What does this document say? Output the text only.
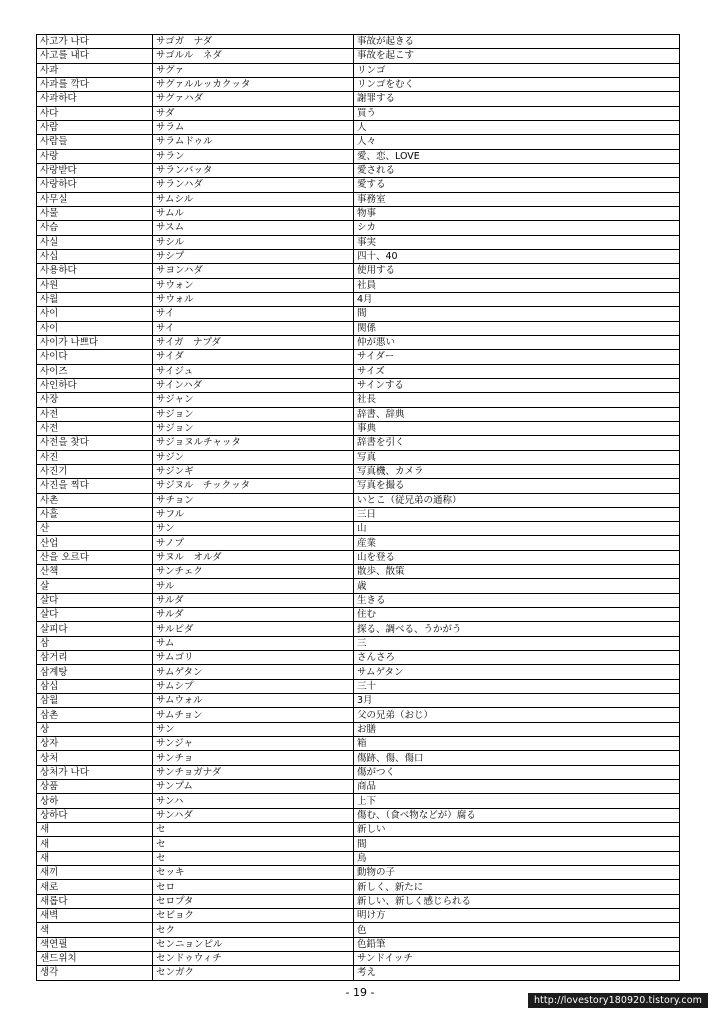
사고가 나다	サゴガ　ナダ	事故が起きる
사고를 내다	サゴルル　ネダ	事故を起こす
사과	サグァ	リンゴ
사과를 깍다	サグァルルッカクッタ	リンゴをむく
사과하다	サグァハダ	謝罪する
사다	サダ	買う
사람	サラム	人
사람들	サラムドゥル	人々
사랑	サラン	愛、恋、LOVE
사랑받다	サランバッタ	愛される
사랑하다	サランハダ	愛する
사무실	サムシル	事務室
사물	サムル	物事
사슴	サスム	シカ
사실	サシル	事実
사십	サシプ	四十、40
사용하다	サヨンハダ	使用する
사원	サウォン	社員
사월	サウォル	4月
사이	サイ	間
사이	サイ	関係
사이가 나쁘다	サイガ　ナプダ	仲が悪い
사이다	サイダ	サイダー
사이즈	サイジュ	サイズ
사인하다	サインハダ	サインする
사장	サジャン	社長
사전	サジョン	辞書、辞典
사전	サジョン	事典
사전을 찾다	サジョヌルチャッタ	辞書を引く
사진	サジン	写真
사진기	サジンギ	写真機、カメラ
사진을 찍다	サジヌル　チックッタ	写真を撮る
사촌	サチョン	いとこ（従兄弟の通称）
사흘	サフル	三日
산	サン	山
산업	サノプ	産業
산을 오르다	サヌル　オルダ	山を登る
산책	サンチェク	散歩、散策
살	サル	歳
살다	サルダ	生きる
살다	サルダ	住む
살피다	サルピダ	探る、調べる、うかがう
삼	サム	三
삼거리	サムゴリ	さんさろ
삼계탕	サムゲタン	サムゲタン
삼십	サムシプ	三十
삼월	サムウォル	3月
삼촌	サムチョン	父の兄弟（おじ）
상	サン	お膳
상자	サンジャ	箱
상처	サンチョ	傷跡、傷、傷口
상처가 나다	サンチョガナダ	傷がつく
상품	サンプム	商品
상하	サンハ	上下
상하다	サンハダ	傷む、（食べ物などが）腐る
새	セ	新しい
새	セ	間
새	セ	鳥
새끼	セッキ	動物の子
새로	セロ	新しく、新たに
새롭다	セロプタ	新しい、新しく感じられる
새벽	セビョク	明け方
색	セク	色
색연필	センニョンピル	色鉛筆
샌드위치	センドゥウィチ	サンドイッチ
생각	センガク	考え
- 19 -
http://lovestory180920.tistory.com
